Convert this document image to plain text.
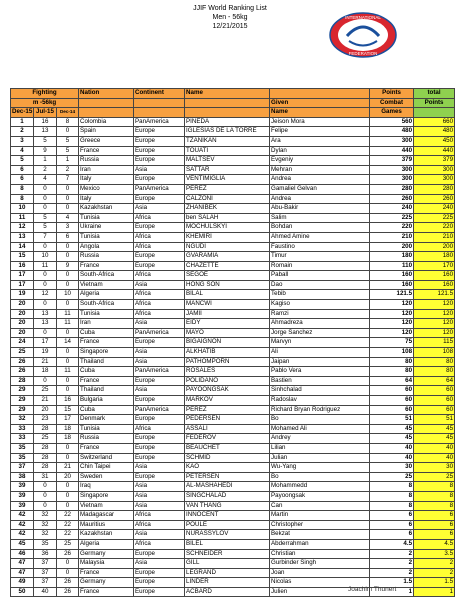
JJIF World Ranking List
Men - 56kg
12/21/2015
INTERNATIONAL
FEDERATION
Fighting			Nation	Continent	Name		Points	total
m -56kg						Given	Combat	Points
Dec-15	Jul-15	Dec-14				Name	Games	
1	16	8	Colombia	PanAmerica	PINEDA	Jeison Mora	560	660
2	13	0	Spain	Europe	IGLESIAS DE LA TORRE	Felipe	480	480
3	5	5	Greece	Europe	TZANIKAN	Ara	300	450
4	9	5	France	Europe	TOUATI	Dylan	440	440
5	1	1	Russia	Europe	MALTSEV	Evgeniy	379	379
6	2	2	Iran	Asia	SATTAR	Mehran	300	300
6	4	7	Italy	Europe	VENTIMIGLIA	Andrea	300	300
8	0	0	Mexico	PanAmerica	PEREZ	Gamaliel Gelvan	280	280
8	0	0	Italy	Europe	CALZONI	Andrea	260	260
10	0	0	Kazakhstan	Asia	ZHANIBEK	Abu-Bakir	240	240
11	5	4	Tunisia	Africa	ben SALAH	Salim	225	225
12	5	3	Ukraine	Europe	MOCHULSKYI	Bohdan	220	220
13	7	6	Tunisia	Africa	KHEMIRI	Ahmed Amine	210	210
14	0	0	Angola	Africa	NGUDI	Faustino	200	200
15	10	0	Russia	Europe	GVARAMIA	Timur	180	180
16	11	9	France	Europe	CHAZETTE	Romain	110	170
17	0	0	South-Africa	Africa	SEGOE	Paball	160	160
17	0	0	Vietnam	Asia	HONG SON	Dao	160	160
19	12	10	Algeria	Africa	BILAL	Tebib	121.5	121.5
20	0	0	South-Africa	Africa	MANCWI	Kagiso	120	120
20	13	11	Tunisia	Africa	JAMII	Ramzi	120	120
20	13	11	Iran	Asia	EIDY	Ahmadreza	120	120
20	0	0	Cuba	PanAmerica	MAYO	Jorge Sanchez	120	120
24	17	14	France	Europe	BIGAIGNON	Marvyn	75	115
25	19	0	Singapore	Asia	ALKHATIB	Ali	108	108
26	21	0	Thailand	Asia	PATHOMPORN	Jaipan	80	80
26	18	11	Cuba	PanAmerica	ROSALES	Pablo Vera	80	80
28	0	0	France	Europe	POLIDANO	Bastien	64	64
29	25	0	Thailand	Asia	PAYOONGSAK	Sinhchalad	60	60
29	21	16	Bulgaria	Europe	MARKOV	Radoslav	60	60
29	20	15	Cuba	PanAmerica	PEREZ	Richard Bryan Rodriguez	60	60
32	23	17	Denmark	Europe	PEDERSEN	Bo	51	51
33	28	18	Tunisia	Africa	ASSALI	Mohamed Ali	45	45
33	25	18	Russia	Europe	FEDEROV	Andrey	45	45
35	28	0	France	Europe	BEAUCHET	Lilian	40	40
35	28	0	Switzerland	Europe	SCHMID	Julian	40	40
37	28	21	Chin Taipei	Asia	KAO	Wu-Yang	30	30
38	31	20	Sweden	Europe	PETERSEN	Bo	25	25
39	0	0	Iraq	Asia	AL-MASHAHEDI	Mohammedd	8	8
39	0	0	Singapore	Asia	SINGCHALAD	Payoongsak	8	8
39	0	0	Vietnam	Asia	VAN THANG	Can	8	8
42	32	22	Madagascar	Africa	INNOCENT	Martin	6	6
42	32	22	Mauritius	Africa	POULE	Christopher	6	6
42	32	22	Kazakhstan	Asia	NURASSYLOV	Bekzat	6	6
45	35	25	Algeria	Africa	BILEL	Abderrahman	4.5	4.5
46	36	26	Germany	Europe	SCHNEIDER	Christian	2	3.5
47	37	0	Malaysia	Asia	GILL	Gurbinder Singh	2	2
47	37	0	France	Europe	LEGRAND	Joan	2	2
49	37	26	Germany	Europe	LINDER	Nicolas	1.5	1.5
50	40	26	France	Europe	ACBARD	Julien	1	1
Joachim Thunert
